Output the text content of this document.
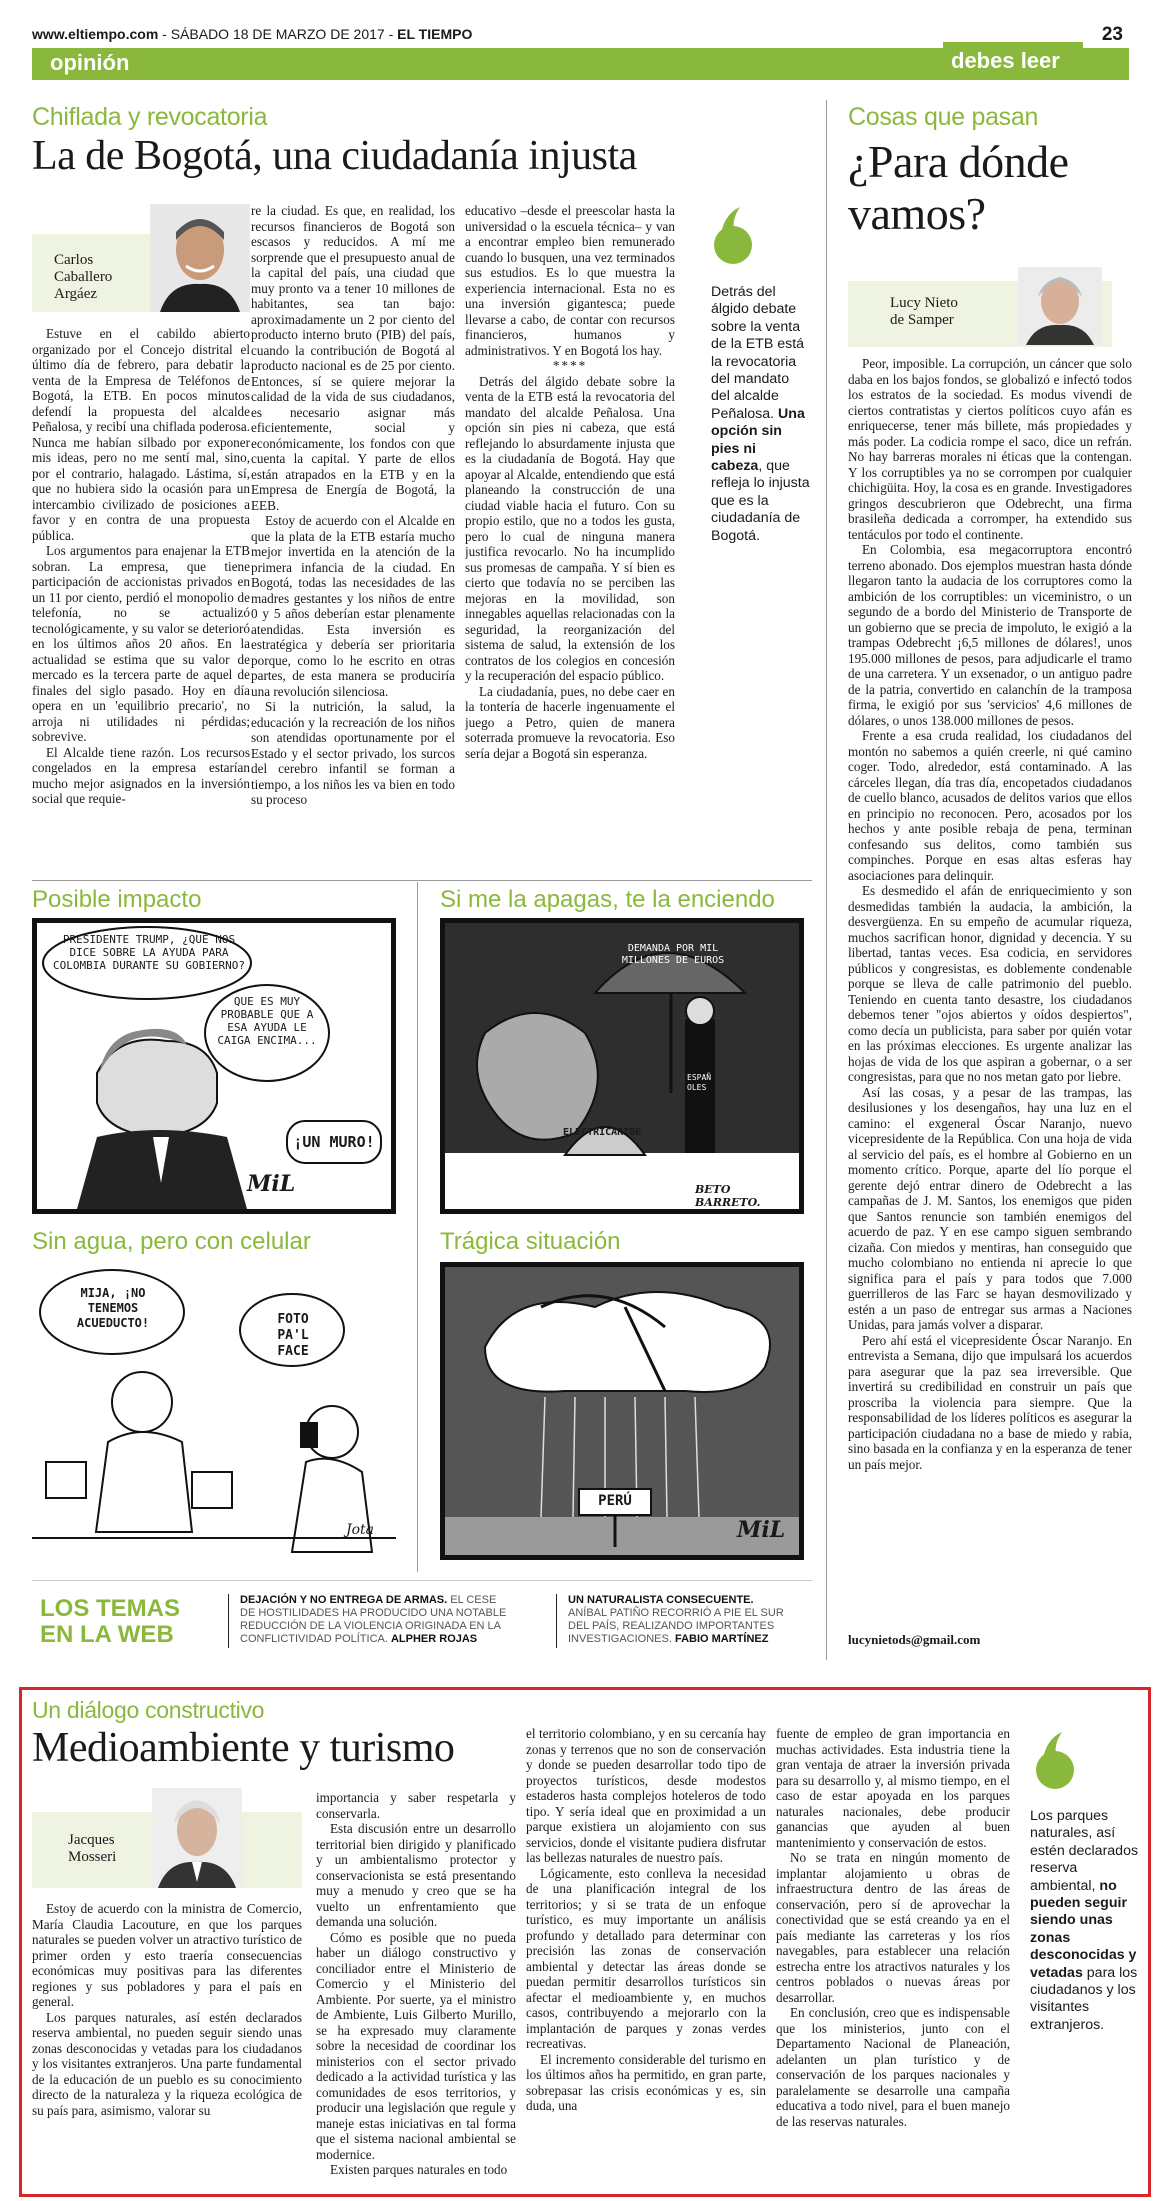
www.eltiempo.com - SÁBADO 18 DE MARZO DE 2017 - EL TIEMPO	23
opinión	debes leer
Chiflada y revocatoria
La de Bogotá, una ciudadanía injusta
Carlos
Caballero
Argáez

Estuve en el cabildo abierto organizado por el Concejo distrital el último día de febrero, para debatir la venta de la Empresa de Teléfonos de Bogotá, la ETB. En pocos minutos defendí la propuesta del alcalde Peñalosa, y recibí una chiflada poderosa. Nunca me habían silbado por exponer mis ideas, pero no me sentí mal, sino, por el contrario, halagado. Lástima, sí, que no hubiera sido la ocasión para un intercambio civilizado de posiciones a favor y en contra de una propuesta pública.

Los argumentos para enajenar la ETB sobran. La empresa, que tiene participación de accionistas privados en un 11 por ciento, perdió el monopolio de telefonía, no se actualizó tecnológicamente, y su valor se deterioró en los últimos años 20 años. En la actualidad se estima que su valor de mercado es la tercera parte de aquel de finales del siglo pasado. Hoy en día opera en un 'equilibrio precario', no arroja ni utilidades ni pérdidas; sobrevive.

El Alcalde tiene razón. Los recursos congelados en la empresa estarían mucho mejor asignados en la inversión social que requie-

re la ciudad. Es que, en realidad, los recursos financieros de Bogotá son escasos y reducidos. A mí me sorprende que el presupuesto anual de la capital del país, una ciudad que muy pronto va a tener 10 millones de habitantes, sea tan bajo: aproximadamente un 2 por ciento del producto interno bruto (PIB) del país, cuando la contribución de Bogotá al producto nacional es de 25 por ciento. Entonces, sí se quiere mejorar la calidad de la vida de sus ciudadanos, es necesario asignar más eficientemente, social y económicamente, los fondos con que cuenta la capital. Y parte de ellos están atrapados en la ETB y en la Empresa de Energía de Bogotá, la EEB.

Estoy de acuerdo con el Alcalde en que la plata de la ETB estaría mucho mejor invertida en la atención de la primera infancia de la ciudad. En Bogotá, todas las necesidades de las madres gestantes y los niños de entre 0 y 5 años deberían estar plenamente atendidas. Esta inversión es estratégica y debería ser prioritaria porque, como lo he escrito en otras partes, de esta manera se produciría una revolución silenciosa.

Si la nutrición, la salud, la educación y la recreación de los niños son atendidas oportunamente por el Estado y el sector privado, los surcos del cerebro infantil se forman a tiempo, a los niños les va bien en todo su proceso

educativo –desde el preescolar hasta la universidad o la escuela técnica– y van a encontrar empleo bien remunerado cuando lo busquen, una vez terminados sus estudios. Es lo que muestra la experiencia internacional. Esta no es una inversión gigantesca; puede llevarse a cabo, de contar con recursos financieros, humanos y administrativos. Y en Bogotá los hay.

****

Detrás del álgido debate sobre la venta de la ETB está la revocatoria del mandato del alcalde Peñalosa. Una opción sin pies ni cabeza, que está reflejando lo absurdamente injusta que es la ciudadanía de Bogotá. Hay que apoyar al Alcalde, entendiendo que está planeando la construcción de una ciudad viable hacia el futuro. Con su propio estilo, que no a todos les gusta, pero lo cual de ninguna manera justifica revocarlo. No ha incumplido sus promesas de campaña. Y sí bien es cierto que todavía no se perciben las mejoras en la movilidad, son innegables aquellas relacionadas con la seguridad, la reorganización del sistema de salud, la extensión de los contratos de los colegios en concesión y la recuperación del espacio público.

La ciudadanía, pues, no debe caer en la tontería de hacerle ingenuamente el juego a Petro, quien de manera soterrada promueve la revocatoria. Eso sería dejar a Bogotá sin esperanza.

Detrás del álgido debate sobre la venta de la ETB está la revocatoria del mandato del alcalde Peñalosa. Una opción sin pies ni cabeza, que refleja lo injusta que es la ciudadanía de Bogotá.
Cosas que pasan
¿Para dónde
vamos?
Lucy Nieto
de Samper

Peor, imposible. La corrupción, un cáncer que solo daba en los bajos fondos, se globalizó e infectó todos los estratos de la sociedad. Es modus vivendi de ciertos contratistas y ciertos políticos cuyo afán es enriquecerse, tener más billete, más propiedades y más poder. La codicia rompe el saco, dice un refrán. No hay barreras morales ni éticas que la contengan. Y los corruptibles ya no se corrompen por cualquier chichigüita. Hoy, la cosa es en grande. Investigadores gringos descubrieron que Odebrecht, una firma brasileña dedicada a corromper, ha extendido sus tentáculos por todo el continente.

En Colombia, esa megacorruptora encontró terreno abonado. Dos ejemplos muestran hasta dónde llegaron tanto la audacia de los corruptores como la ambición de los corruptibles: un viceministro, o un segundo de a bordo del Ministerio de Transporte de un gobierno que se precia de impoluto, le exigió a la trampas Odebrecht ¡6,5 millones de dólares!, unos 195.000 millones de pesos, para adjudicarle el tramo de una carretera. Y un exsenador, o un antiguo padre de la patria, convertido en calanchín de la tramposa firma, le exigió por sus 'servicios' 4,6 millones de dólares, o unos 138.000 millones de pesos.

Frente a esa cruda realidad, los ciudadanos del montón no sabemos a quién creerle, ni qué camino coger. Todo, alrededor, está contaminado. A las cárceles llegan, día tras día, encopetados ciudadanos de cuello blanco, acusados de delitos varios que ellos en principio no reconocen. Pero, acosados por los hechos y ante posible rebaja de pena, terminan confesando sus delitos, como también sus compinches. Porque en esas altas esferas hay asociaciones para delinquir.

Es desmedido el afán de enriquecimiento y son desmedidas también la audacia, la ambición, la desvergüenza. En su empeño de acumular riqueza, muchos sacrifican honor, dignidad y decencia. Y su libertad, tantas veces. Esa codicia, en servidores públicos y congresistas, es doblemente condenable porque se lleva de calle patrimonio del pueblo. Teniendo en cuenta tanto desastre, los ciudadanos debemos tener "ojos abiertos y oídos despiertos", como decía un publicista, para saber por quién votar en las próximas elecciones. Es urgente analizar las hojas de vida de los que aspiran a gobernar, o a ser congresistas, para que no nos metan gato por liebre.

Así las cosas, y a pesar de las trampas, las desilusiones y los desengaños, hay una luz en el camino: el exgeneral Óscar Naranjo, nuevo vicepresidente de la República. Con una hoja de vida al servicio del país, es el hombre al Gobierno en un momento crítico. Porque, aparte del lío porque el gerente dejó entrar dinero de Odebrecht a las campañas de J. M. Santos, los enemigos que piden que Santos renuncie son también enemigos del acuerdo de paz. Y en ese campo siguen sembrando cizaña. Con miedos y mentiras, han conseguido que mucho colombiano no entienda ni aprecie lo que significa para el país y para todos que 7.000 guerrilleros de las Farc se hayan desmovilizado y estén a un paso de entregar sus armas a Naciones Unidas, para jamás volver a disparar.

Pero ahí está el vicepresidente Óscar Naranjo. En entrevista a Semana, dijo que impulsará los acuerdos para asegurar que la paz sea irreversible. Que invertirá su credibilidad en construir un país que proscriba la violencia para siempre. Que la responsabilidad de los líderes políticos es asegurar la participación ciudadana no a base de miedo y rabia, sino basada en la confianza y en la esperanza de tener un país mejor.

lucynietods@gmail.com
Posible impacto
PRESIDENTE TRUMP, ¿QUÉ NOS DICE SOBRE LA AYUDA PARA COLOMBIA DURANTE SU GOBIERNO?
QUE ES MUY PROBABLE QUE A ESA AYUDA LE CAIGA ENCIMA...
¡UN MURO!
MiL
Si me la apagas, te la enciendo
DEMANDA POR MIL MILLONES DE EUROS
ELECTRICARIBE
ESPAÑOLES
BETO BARRETO.
Sin agua, pero con celular
MIJA, ¡NO TENEMOS ACUEDUCTO!	FOTO PA'L FACE
Jota
Trágica situación
PERÚ
MiL
LOS TEMAS
EN LA WEB
DEJACIÓN Y NO ENTREGA DE ARMAS. EL CESE DE HOSTILIDADES HA PRODUCIDO UNA NOTABLE REDUCCIÓN DE LA VIOLENCIA ORIGINADA EN LA CONFLICTIVIDAD POLÍTICA. ALPHER ROJAS
UN NATURALISTA CONSECUENTE. ANÍBAL PATIÑO RECORRIÓ A PIE EL SUR DEL PAÍS, REALIZANDO IMPORTANTES INVESTIGACIONES. FABIO MARTÍNEZ
Un diálogo constructivo
Medioambiente y turismo
Jacques
Mosseri

Estoy de acuerdo con la ministra de Comercio, María Claudia Lacouture, en que los parques naturales se pueden volver un atractivo turístico de primer orden y esto traería consecuencias económicas muy positivas para las diferentes regiones y sus pobladores y para el país en general.

Los parques naturales, así estén declarados reserva ambiental, no pueden seguir siendo unas zonas desconocidas y vetadas para los ciudadanos y los visitantes extranjeros. Una parte fundamental de la educación de un pueblo es su conocimiento directo de la naturaleza y la riqueza ecológica de su país para, asimismo, valorar su

importancia y saber respetarla y conservarla.

Esta discusión entre un desarrollo territorial bien dirigido y planificado y un ambientalismo protector y conservacionista se está presentando muy a menudo y creo que se ha vuelto un enfrentamiento que demanda una solución.

Cómo es posible que no pueda haber un diálogo constructivo y conciliador entre el Ministerio de Comercio y el Ministerio del Ambiente. Por suerte, ya el ministro de Ambiente, Luis Gilberto Murillo, se ha expresado muy claramente sobre la necesidad de coordinar los ministerios con el sector privado dedicado a la actividad turística y las comunidades de esos territorios, y producir una legislación que regule y maneje estas iniciativas en tal forma que el sistema nacional ambiental se modernice.

Existen parques naturales en todo

el territorio colombiano, y en su cercanía hay zonas y terrenos que no son de conservación y donde se pueden desarrollar todo tipo de proyectos turísticos, desde modestos estaderos hasta complejos hoteleros de todo tipo. Y sería ideal que en proximidad a un parque existiera un alojamiento con sus servicios, donde el visitante pudiera disfrutar las bellezas naturales de nuestro país.

Lógicamente, esto conlleva la necesidad de una planificación integral de los territorios; y si se trata de un enfoque turístico, es muy importante un análisis profundo y detallado para determinar con precisión las zonas de conservación ambiental y detectar las áreas donde se puedan permitir desarrollos turísticos sin afectar el medioambiente y, en muchos casos, contribuyendo a mejorarlo con la implantación de parques y zonas verdes recreativas.

El incremento considerable del turismo en los últimos años ha permitido, en gran parte, sobrepasar las crisis económicas y es, sin duda, una

fuente de empleo de gran importancia en muchas actividades. Esta industria tiene la gran ventaja de atraer la inversión privada para su desarrollo y, al mismo tiempo, en el caso de estar apoyada en los parques naturales nacionales, debe producir ganancias que ayuden al buen mantenimiento y conservación de estos.

No se trata en ningún momento de implantar alojamiento u obras de infraestructura dentro de las áreas de conservación, pero sí de aprovechar la conectividad que se está creando ya en el país mediante las carreteras y los ríos navegables, para establecer una relación estrecha entre los atractivos naturales y los centros poblados o nuevas áreas por desarrollar.

En conclusión, creo que es indispensable que los ministerios, junto con el Departamento Nacional de Planeación, adelanten un plan turístico y de conservación de los parques nacionales y paralelamente se desarrolle una campaña educativa a todo nivel, para el buen manejo de las reservas naturales.

Los parques naturales, así estén declarados reserva ambiental, no pueden seguir siendo unas zonas desconocidas y vetadas para los ciudadanos y los visitantes extranjeros.
